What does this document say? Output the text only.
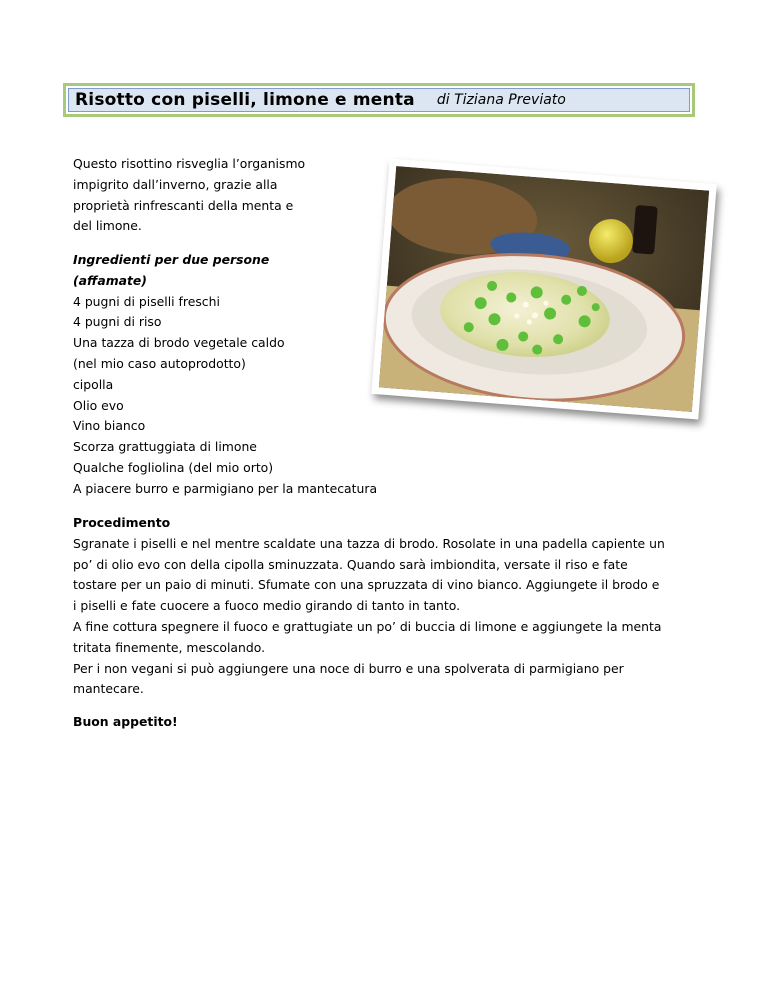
Risotto con piselli, limone e menta di Tiziana Previato
Questo risottino risveglia l’organismo
impigrito dall’inverno, grazie alla
proprietà rinfrescanti della menta e
del limone.
Ingredienti per due persone
(affamate)
4 pugni di piselli freschi
4 pugni di riso
Una tazza di brodo vegetale caldo
(nel mio caso autoprodotto)
cipolla
Olio evo
Vino bianco
Scorza grattuggiata di limone
Qualche fogliolina (del mio orto)
A piacere burro e parmigiano per la mantecatura
Procedimento
Sgranate i piselli e nel mentre scaldate una tazza di brodo. Rosolate in una padella capiente un
po’ di olio evo con della cipolla sminuzzata. Quando sarà imbiondita, versate il riso e fate
tostare per un paio di minuti. Sfumate con una spruzzata di vino bianco. Aggiungete il brodo e
i piselli e fate cuocere a fuoco medio girando di tanto in tanto.
A fine cottura spegnere il fuoco e grattugiate un po’ di buccia di limone e aggiungete la menta
tritata finemente, mescolando.
Per i non vegani si può aggiungere una noce di burro e una spolverata di parmigiano per
mantecare.
Buon appetito!
